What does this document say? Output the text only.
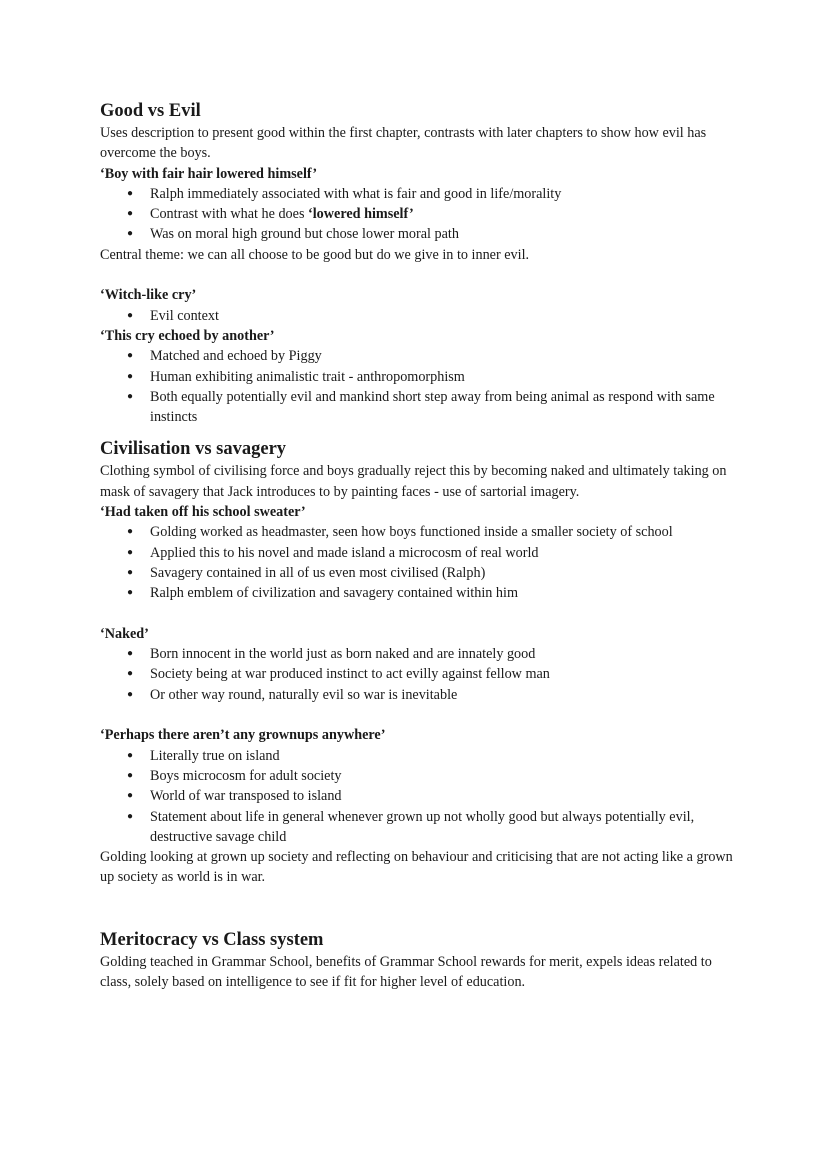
Good vs Evil

Uses description to present good within the first chapter, contrasts with later chapters to show how evil has overcome the boys.

‘Boy with fair hair lowered himself’

● Ralph immediately associated with what is fair and good in life/morality
● Contrast with what he does ‘lowered himself’
● Was on moral high ground but chose lower moral path

Central theme: we can all choose to be good but do we give in to inner evil.

‘Witch-like cry’

● Evil context

‘This cry echoed by another’

● Matched and echoed by Piggy
● Human exhibiting animalistic trait - anthropomorphism
● Both equally potentially evil and mankind short step away from being animal as respond with same instincts
Civilisation vs savagery

Clothing symbol of civilising force and boys gradually reject this by becoming naked and ultimately taking on mask of savagery that Jack introduces to by painting faces - use of sartorial imagery.

‘Had taken off his school sweater’

● Golding worked as headmaster, seen how boys functioned inside a smaller society of school
● Applied this to his novel and made island a microcosm of real world
● Savagery contained in all of us even most civilised (Ralph)
● Ralph emblem of civilization and savagery contained within him

‘Naked’

● Born innocent in the world just as born naked and are innately good
● Society being at war produced instinct to act evilly against fellow man
● Or other way round, naturally evil so war is inevitable

‘Perhaps there aren’t any grownups anywhere’

● Literally true on island
● Boys microcosm for adult society
● World of war transposed to island
● Statement about life in general whenever grown up not wholly good but always potentially evil, destructive savage child

Golding looking at grown up society and reflecting on behaviour and criticising that are not acting like a grown up society as world is in war.

Meritocracy vs Class system

Golding teached in Grammar School, benefits of Grammar School rewards for merit, expels ideas related to class, solely based on intelligence to see if fit for higher level of education.
